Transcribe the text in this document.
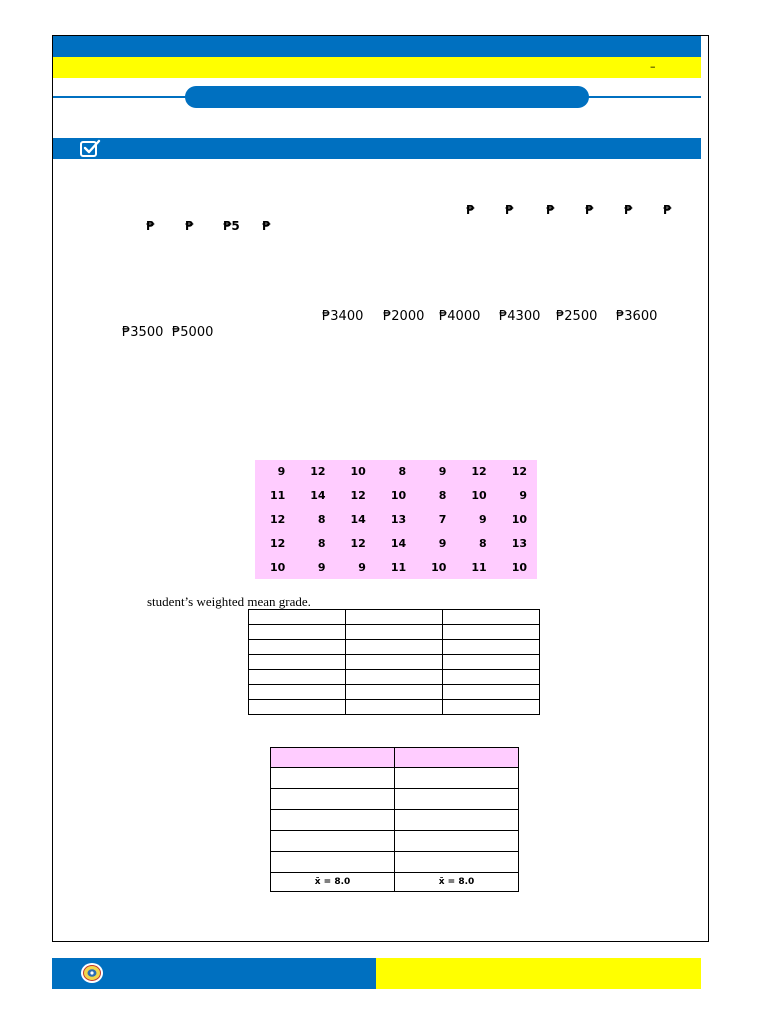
–
₱	₱	₱	₱	₱	₱
₱	₱ ₱5 ₱
₱3400 ₱2000 ₱4000 ₱4300 ₱2500 ₱3600
₱3500 ₱5000
9	12	10	8	9	12	12
11	14	12	10	8	10	9
12	8	14	13	7	9	10
12	8	12	14	9	8	13
10	9	9	11	10	11	10
student’s weighted mean grade.

x̄ = 8.0	x̄ = 8.0
